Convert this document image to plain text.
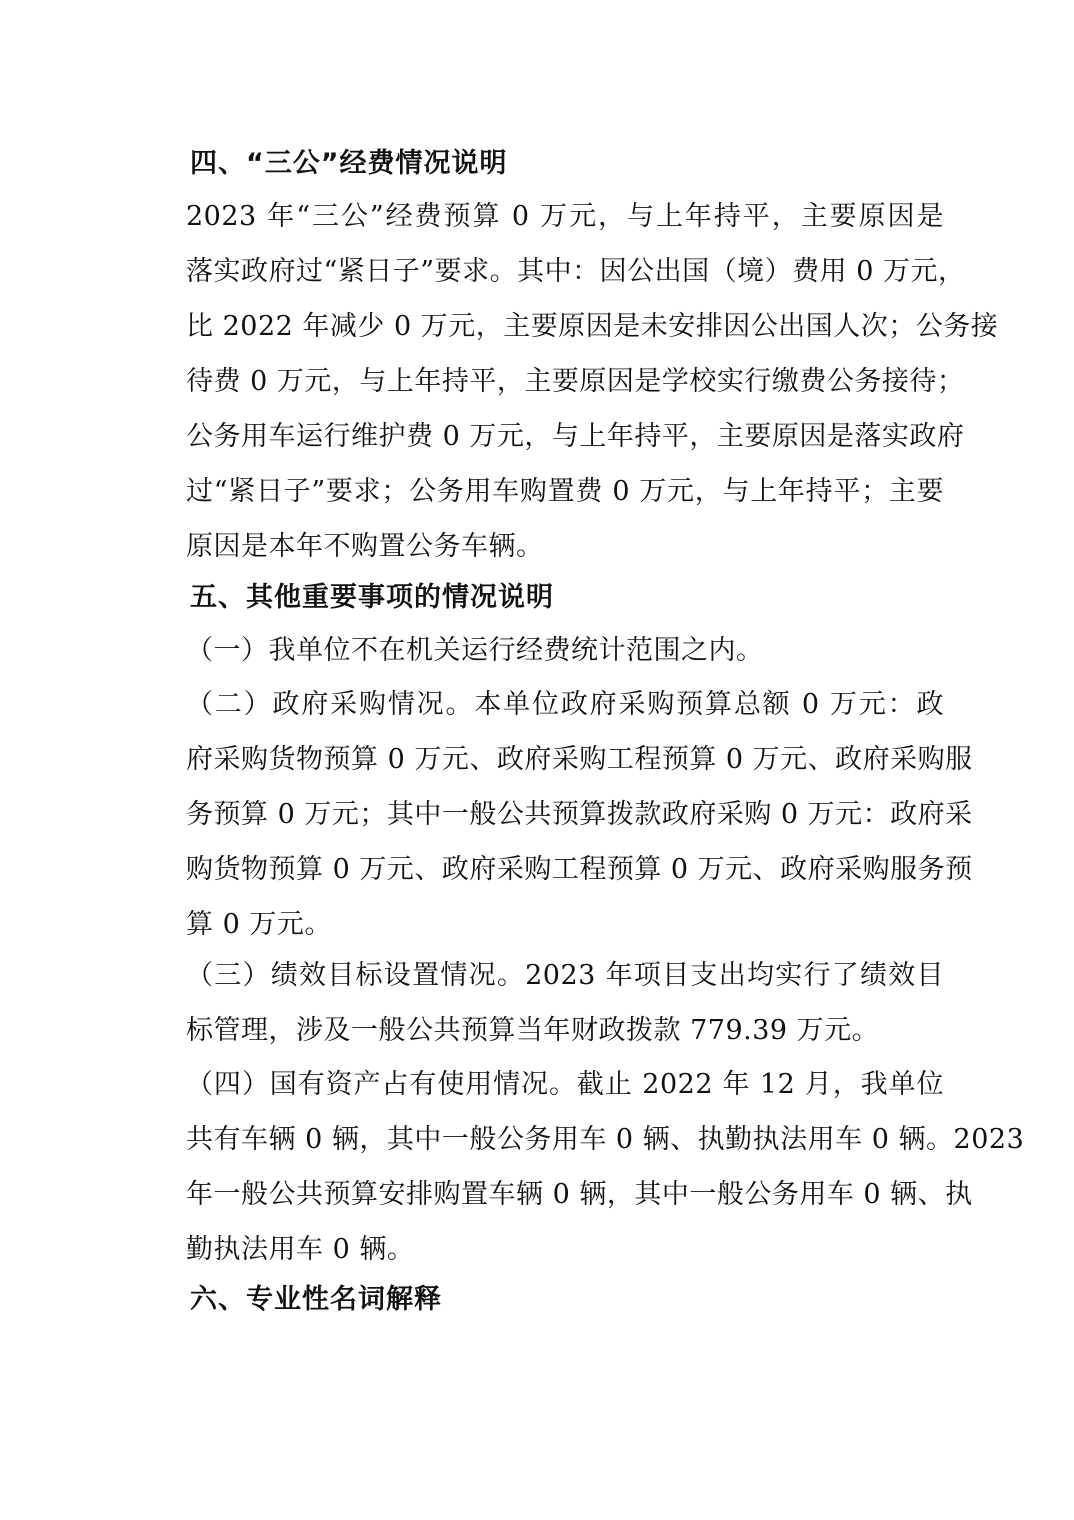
四、“三公”经费情况说明
2023 年“三公”经费预算 0 万元，与上年持平，主要原因是
落实政府过“紧日子”要求。其中：因公出国（境）费用 0 万元，
比 2022 年减少 0 万元，主要原因是未安排因公出国人次；公务接
待费 0 万元，与上年持平，主要原因是学校实行缴费公务接待；
公务用车运行维护费 0 万元，与上年持平，主要原因是落实政府
过“紧日子”要求；公务用车购置费 0 万元，与上年持平；主要
原因是本年不购置公务车辆。
五、其他重要事项的情况说明
（一）我单位不在机关运行经费统计范围之内。
（二）政府采购情况。本单位政府采购预算总额 0 万元：政
府采购货物预算 0 万元、政府采购工程预算 0 万元、政府采购服
务预算 0 万元；其中一般公共预算拨款政府采购 0 万元：政府采
购货物预算 0 万元、政府采购工程预算 0 万元、政府采购服务预
算 0 万元。
（三）绩效目标设置情况。2023 年项目支出均实行了绩效目
标管理，涉及一般公共预算当年财政拨款 779.39 万元。
（四）国有资产占有使用情况。截止 2022 年 12 月，我单位
共有车辆 0 辆，其中一般公务用车 0 辆、执勤执法用车 0 辆。2023
年一般公共预算安排购置车辆 0 辆，其中一般公务用车 0 辆、执
勤执法用车 0 辆。
六、专业性名词解释
